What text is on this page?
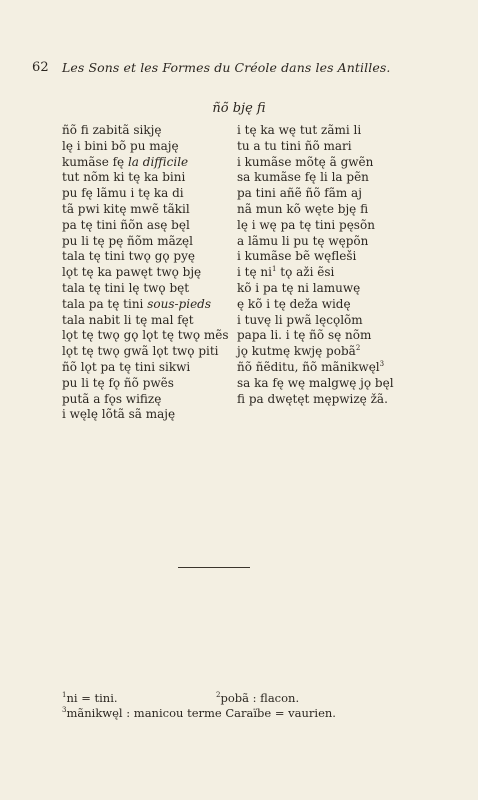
62 Les Sons et les Formes du Créole dans les Antilles.
ñõ bję fi
ñõ fi zabitã sikję
lę i bini bõ pu maję
kumãse fę la difficile
tut nõm ki tę ka bini
pu fę lãmu i tę ka di
tã pwi kitę mwẽ tãkil
pa tę tini ñõn asę bęl
pu li tę pę ñõm mãzęl
tala tę tini twǫ gǫ pyę
lǫt tę ka pawęt twǫ bję
tala tę tini lę twǫ bęt
tala pa tę tini sous-pieds
tala nabit li tę mal fęt
lǫt tę twǫ gǫ lǫt tę twǫ mẽs
lǫt tę twǫ gwã lǫt twǫ piti
ñõ lǫt pa tę tini sikwi
pu li tę fǫ ñõ pwẽs
putã a fǫs wifizę
i węlę lõtã sã maję
i tę ka wę tut zãmi li
tu a tu tini ñõ mari
i kumãse mõtę ã gwẽn
sa kumãse fę li la pẽn
pa tini añẽ ñõ fãm aj
nã mun kõ węte bję fi
lę i wę pa tę tini pęsõn
a lãmu li pu tę wępõn
i kumãse bẽ węfleši
i tę $ni^1$ tǫ aži ẽsi
kõ i pa tę ni lamuwę
ę kõ i tę deža widę
i tuvę li pwã lęcǫlõm
papa li. i tę ñõ sę nõm
jǫ kutmę kwję pobã$^2$
ñõ ñẽditu, ñõ mãnikwęl$^3$
sa ka fę wę malgwę jǫ bęl
fi pa dwętęt mępwizę žã.
$^1$ni = tini.	$^2$pobã : flacon.
$^3$mãnikwęl : manicou terme Caraïbe = vaurien.
